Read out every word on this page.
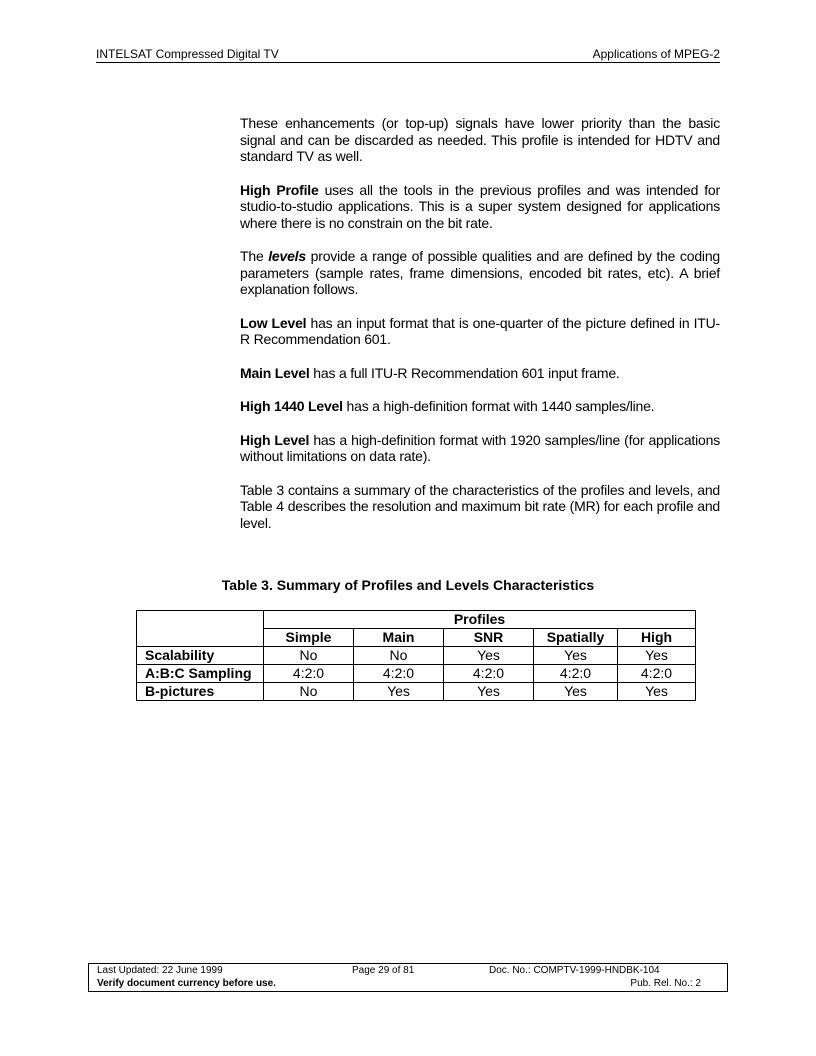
INTELSAT Compressed Digital TV	Applications of MPEG-2

These enhancements (or top-up) signals have lower priority than the basic signal and can be discarded as needed. This profile is intended for HDTV and standard TV as well.

High Profile uses all the tools in the previous profiles and was intended for studio-to-studio applications. This is a super system designed for applications where there is no constrain on the bit rate.

The levels provide a range of possible qualities and are defined by the coding parameters (sample rates, frame dimensions, encoded bit rates, etc). A brief explanation follows.

Low Level has an input format that is one-quarter of the picture defined in ITU-R Recommendation 601.

Main Level has a full ITU-R Recommendation 601 input frame.

High 1440 Level has a high-definition format with 1440 samples/line.

High Level has a high-definition format with 1920 samples/line (for applications without limitations on data rate).

Table 3 contains a summary of the characteristics of the profiles and levels, and Table 4 describes the resolution and maximum bit rate (MR) for each profile and level.

Table 3. Summary of Profiles and Levels Characteristics
	Profiles				
	Simple	Main	SNR	Spatially	High
Scalability	No	No	Yes	Yes	Yes
A:B:C Sampling	4:2:0	4:2:0	4:2:0	4:2:0	4:2:0
B-pictures	No	Yes	Yes	Yes	Yes
Last Updated: 22 June 1999	Page 29 of 81	Doc. No.: COMPTV-1999-HNDBK-104
Verify document currency before use.	Pub. Rel. No.: 2
